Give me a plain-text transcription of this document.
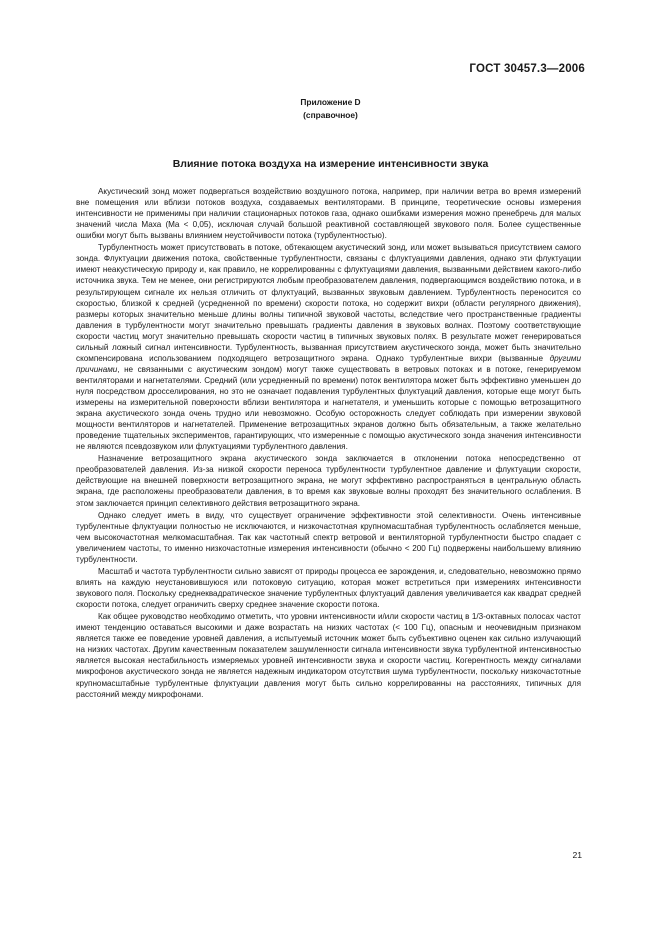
ГОСТ 30457.3—2006
Приложение D
(справочное)
Влияние потока воздуха на измерение интенсивности звука

Акустический зонд может подвергаться воздействию воздушного потока, например, при наличии ветра во время измерений вне помещения или вблизи потоков воздуха, создаваемых вентиляторами. В принципе, теоретические основы измерения интенсивности не применимы при наличии стационарных потоков газа, однако ошибками измерения можно пренебречь для малых значений числа Маха (Ma < 0,05), исключая случай большой реактивной составляющей звукового поля. Более существенные ошибки могут быть вызваны влиянием неустойчивости потока (турбулентностью).

Турбулентность может присутствовать в потоке, обтекающем акустический зонд, или может вызываться присутствием самого зонда. Флуктуации движения потока, свойственные турбулентности, связаны с флуктуациями давления, однако эти флуктуации имеют неакустическую природу и, как правило, не коррелированны с флуктуациями давления, вызванными действием какого-либо источника звука. Тем не менее, они регистрируются любым преобразователем давления, подвергающимся воздействию потока, и в результирующем сигнале их нельзя отличить от флуктуаций, вызванных звуковым давлением. Турбулентность переносится со скоростью, близкой к средней (усредненной по времени) скорости потока, но содержит вихри (области регулярного движения), размеры которых значительно меньше длины волны типичной звуковой частоты, вследствие чего пространственные градиенты давления в турбулентности могут значительно превышать градиенты давления в звуковых волнах. Поэтому соответствующие скорости частиц могут значительно превышать скорости частиц в типичных звуковых полях. В результате может генерироваться сильный ложный сигнал интенсивности. Турбулентность, вызванная присутствием акустического зонда, может быть значительно скомпенсирована использованием подходящего ветрозащитного экрана. Однако турбулентные вихри (вызванные другими причинами, не связанными с акустическим зондом) могут также существовать в ветровых потоках и в потоке, генерируемом вентиляторами и нагнетателями. Средний (или усредненный по времени) поток вентилятора может быть эффективно уменьшен до нуля посредством дросселирования, но это не означает подавления турбулентных флуктуаций давления, которые еще могут быть измерены на измерительной поверхности вблизи вентилятора и нагнетателя, и уменьшить которые с помощью ветрозащитного экрана акустического зонда очень трудно или невозможно. Особую осторожность следует соблюдать при измерении звуковой мощности вентиляторов и нагнетателей. Применение ветрозащитных экранов должно быть обязательным, а также желательно проведение тщательных экспериментов, гарантирующих, что измеренные с помощью акустического зонда значения интенсивности не являются псевдозвуком или флуктуациями турбулентного давления.

Назначение ветрозащитного экрана акустического зонда заключается в отклонении потока непосредственно от преобразователей давления. Из-за низкой скорости переноса турбулентности турбулентное давление и флуктуации скорости, действующие на внешней поверхности ветрозащитного экрана, не могут эффективно распространяться в центральную область экрана, где расположены преобразователи давления, в то время как звуковые волны проходят без значительного ослабления. В этом заключается принцип селективного действия ветрозащитного экрана.

Однако следует иметь в виду, что существует ограничение эффективности этой селективности. Очень интенсивные турбулентные флуктуации полностью не исключаются, и низкочастотная крупномасштабная турбулентность ослабляется меньше, чем высокочастотная мелкомасштабная. Так как частотный спектр ветровой и вентиляторной турбулентности быстро спадает с увеличением частоты, то именно низкочастотные измерения интенсивности (обычно < 200 Гц) подвержены наибольшему влиянию турбулентности.

Масштаб и частота турбулентности сильно зависят от природы процесса ее зарождения, и, следовательно, невозможно прямо влиять на каждую неустановившуюся или потоковую ситуацию, которая может встретиться при измерениях интенсивности звукового поля. Поскольку среднеквадратическое значение турбулентных флуктуаций давления увеличивается как квадрат средней скорости потока, следует ограничить сверху среднее значение скорости потока.

Как общее руководство необходимо отметить, что уровни интенсивности и/или скорости частиц в 1/3-октавных полосах частот имеют тенденцию оставаться высокими и даже возрастать на низких частотах (< 100 Гц), опасным и неочевидным признаком является также ее поведение уровней давления, а испытуемый источник может быть субъективно оценен как сильно излучающий на низких частотах. Другим качественным показателем зашумленности сигнала интенсивности звука турбулентной интенсивностью является высокая нестабильность измеряемых уровней интенсивности звука и скорости частиц. Когерентность между сигналами микрофонов акустического зонда не является надежным индикатором отсутствия шума турбулентности, поскольку низкочастотные крупномасштабные турбулентные флуктуации давления могут быть сильно коррелированны на расстояниях, типичных для расстояний между микрофонами.

21
